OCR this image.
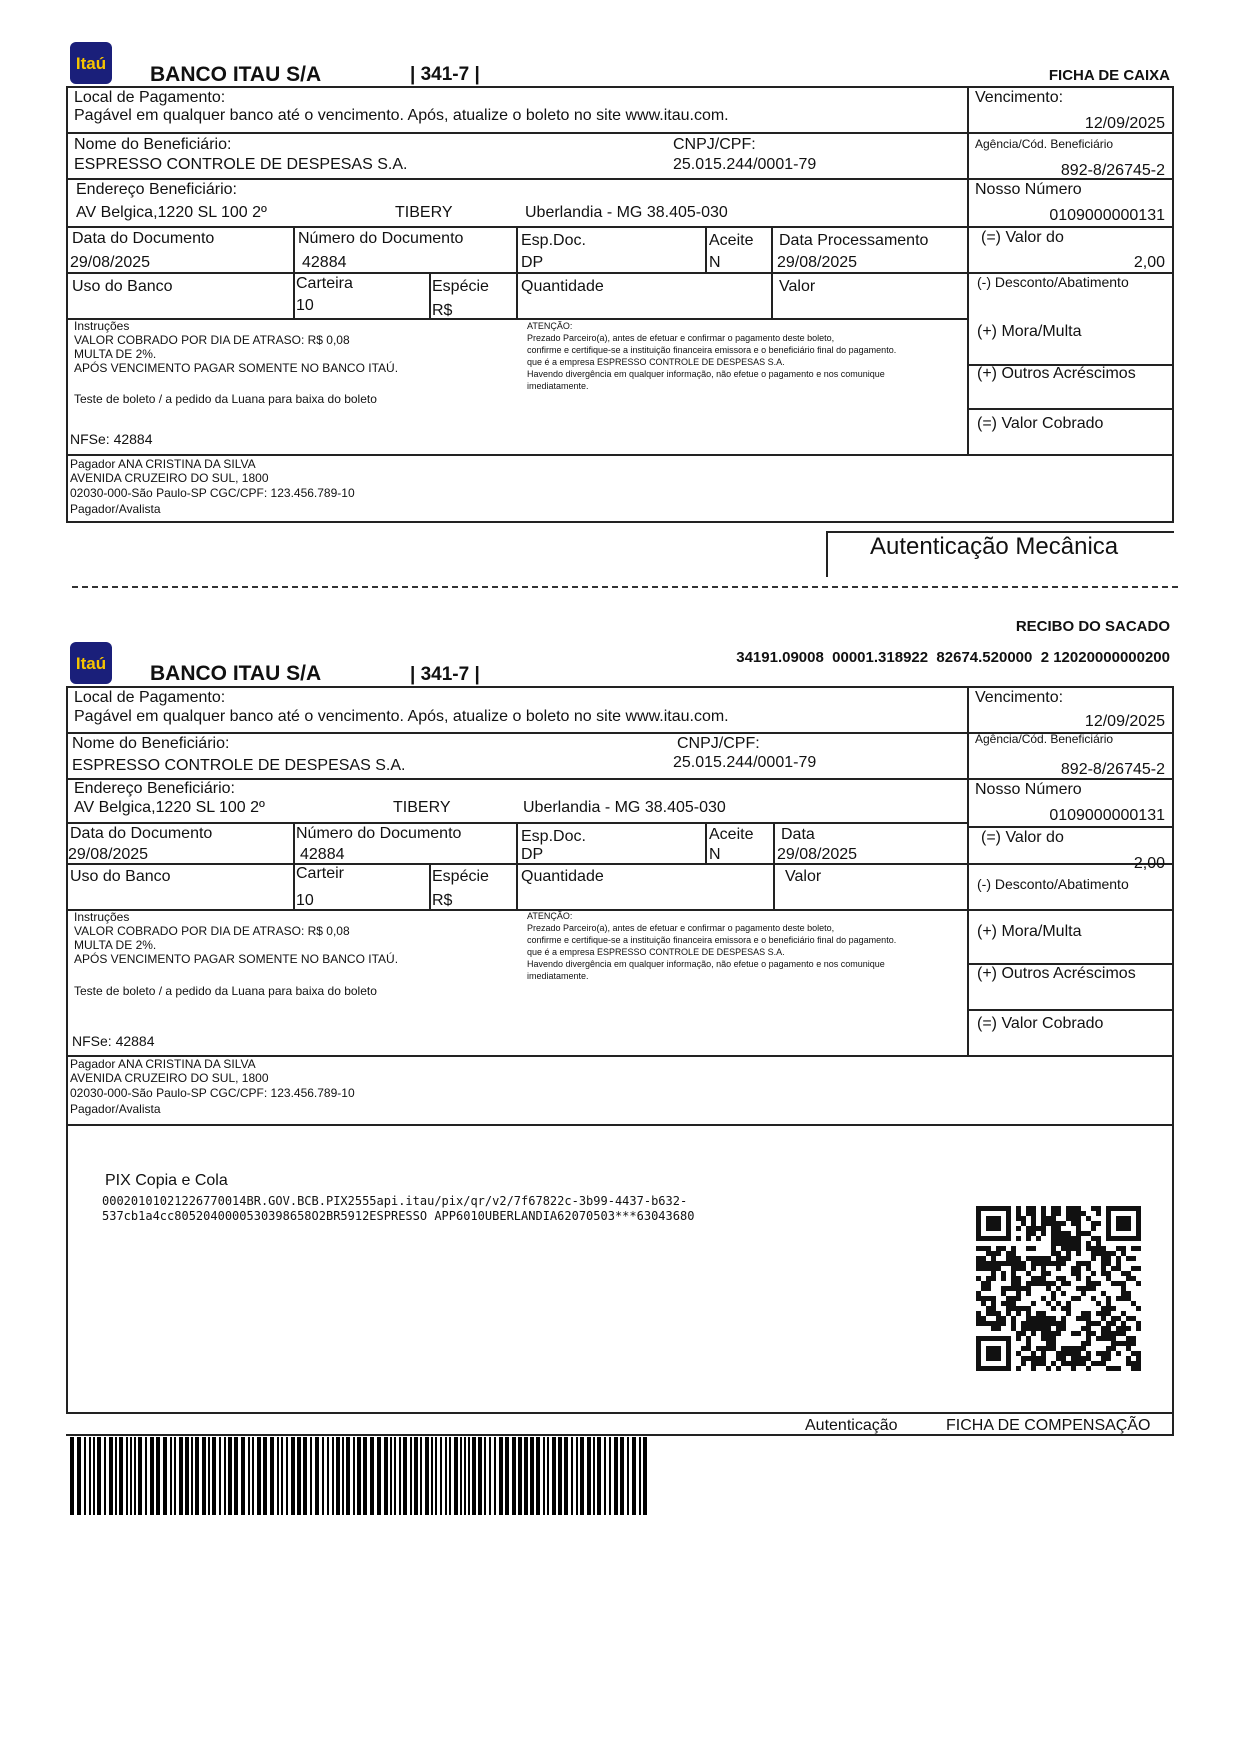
Itaú BANCO ITAU S/A	| 341-7 |	FICHA DE CAIXA
Local de Pagamento:
Pagável em qualquer banco até o vencimento. Após, atualize o boleto no site www.itau.com.
Vencimento:
12/09/2025
Nome do Beneficiário:
ESPRESSO CONTROLE DE DESPESAS S.A.
CNPJ/CPF:
25.015.244/0001-79
Agência/Cód. Beneficiário
892-8/26745-2
Endereço Beneficiário:
AV Belgica,1220 SL 100 2º	TIBERY	Uberlandia - MG 38.405-030
Nosso Número
0109000000131
Data do Documento
29/08/2025
Número do Documento
42884
Esp.Doc.
DP
Aceite
N
Data Processamento
29/08/2025
(=) Valor do
2,00
Uso do Banco	Carteira
10
Espécie
R$
Quantidade	Valor	(-) Desconto/Abatimento
Instruções
VALOR COBRADO POR DIA DE ATRASO: R$ 0,08
MULTA DE 2%.
APÓS VENCIMENTO PAGAR SOMENTE NO BANCO ITAÚ.
Teste de boleto / a pedido da Luana para baixa do boleto
NFSe: 42884
ATENÇÃO:
Prezado Parceiro(a), antes de efetuar e confirmar o pagamento deste boleto,
confirme e certifique-se a instituição financeira emissora e o beneficiário final do pagamento.
que é a empresa ESPRESSO CONTROLE DE DESPESAS S.A.
Havendo divergência em qualquer informação, não efetue o pagamento e nos comunique
imediatamente.
(+) Mora/Multa
(+) Outros Acréscimos
(=) Valor Cobrado
Pagador ANA CRISTINA DA SILVA
AVENIDA CRUZEIRO DO SUL, 1800
02030-000-São Paulo-SP CGC/CPF: 123.456.789-10
Pagador/Avalista
Autenticação Mecânica
RECIBO DO SACADO
34191.09008  00001.318922  82674.520000  2 12020000000200
Itaú BANCO ITAU S/A	| 341-7 |
Local de Pagamento:
Pagável em qualquer banco até o vencimento. Após, atualize o boleto no site www.itau.com.
Vencimento:
12/09/2025
Nome do Beneficiário:
ESPRESSO CONTROLE DE DESPESAS S.A.
CNPJ/CPF:
25.015.244/0001-79
Agência/Cód. Beneficiário
892-8/26745-2
Endereço Beneficiário:
AV Belgica,1220 SL 100 2º	TIBERY	Uberlandia - MG 38.405-030
Nosso Número
0109000000131
Data do Documento
29/08/2025
Número do Documento
42884
Esp.Doc.
DP
Aceite
N
Data
29/08/2025
(=) Valor do
2,00
Uso do Banco	Carteir
10
Espécie
R$
Quantidade	Valor	(-) Desconto/Abatimento
Instruções
VALOR COBRADO POR DIA DE ATRASO: R$ 0,08
MULTA DE 2%.
APÓS VENCIMENTO PAGAR SOMENTE NO BANCO ITAÚ.
Teste de boleto / a pedido da Luana para baixa do boleto
NFSe: 42884
ATENÇÃO:
Prezado Parceiro(a), antes de efetuar e confirmar o pagamento deste boleto,
confirme e certifique-se a instituição financeira emissora e o beneficiário final do pagamento.
que é a empresa ESPRESSO CONTROLE DE DESPESAS S.A.
Havendo divergência em qualquer informação, não efetue o pagamento e nos comunique
imediatamente.
(+) Mora/Multa
(+) Outros Acréscimos
(=) Valor Cobrado
Pagador ANA CRISTINA DA SILVA
AVENIDA CRUZEIRO DO SUL, 1800
02030-000-São Paulo-SP CGC/CPF: 123.456.789-10
Pagador/Avalista
PIX Copia e Cola
00020101021226770014BR.GOV.BCB.PIX2555api.itau/pix/qr/v2/7f67822c-3b99-4437-b632-
537cb1a4cc8052040000530398658O2BR5912ESPRESSO APP6010UBERLANDIA62070503***63043680
Autenticação	FICHA DE COMPENSAÇÃO
